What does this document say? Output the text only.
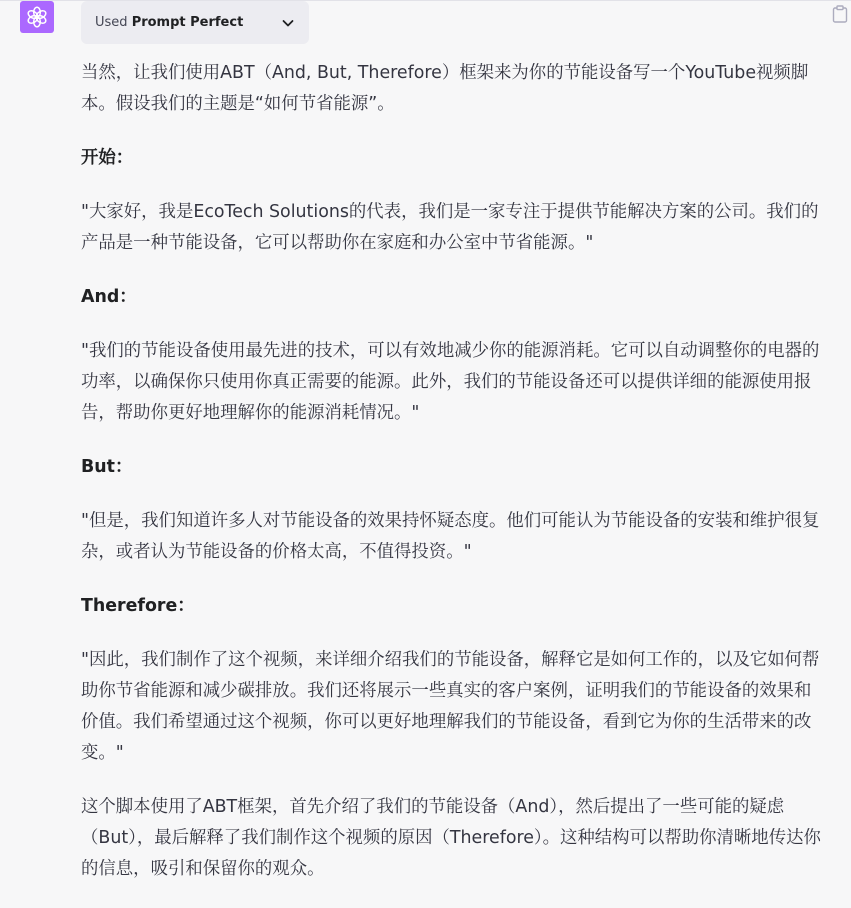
Used Prompt Perfect

当然，让我们使用ABT（And, But, Therefore）框架来为你的节能设备写一个YouTube视频脚本。假设我们的主题是“如何节省能源”。

开始：

"大家好，我是EcoTech Solutions的代表，我们是一家专注于提供节能解决方案的公司。我们的产品是一种节能设备，它可以帮助你在家庭和办公室中节省能源。"

And：

"我们的节能设备使用最先进的技术，可以有效地减少你的能源消耗。它可以自动调整你的电器的功率，以确保你只使用你真正需要的能源。此外，我们的节能设备还可以提供详细的能源使用报告，帮助你更好地理解你的能源消耗情况。"

But：

"但是，我们知道许多人对节能设备的效果持怀疑态度。他们可能认为节能设备的安装和维护很复杂，或者认为节能设备的价格太高，不值得投资。"

Therefore：

"因此，我们制作了这个视频，来详细介绍我们的节能设备，解释它是如何工作的，以及它如何帮助你节省能源和减少碳排放。我们还将展示一些真实的客户案例，证明我们的节能设备的效果和价值。我们希望通过这个视频，你可以更好地理解我们的节能设备，看到它为你的生活带来的改变。"

这个脚本使用了ABT框架，首先介绍了我们的节能设备（And），然后提出了一些可能的疑虑（But），最后解释了我们制作这个视频的原因（Therefore）。这种结构可以帮助你清晰地传达你的信息，吸引和保留你的观众。
